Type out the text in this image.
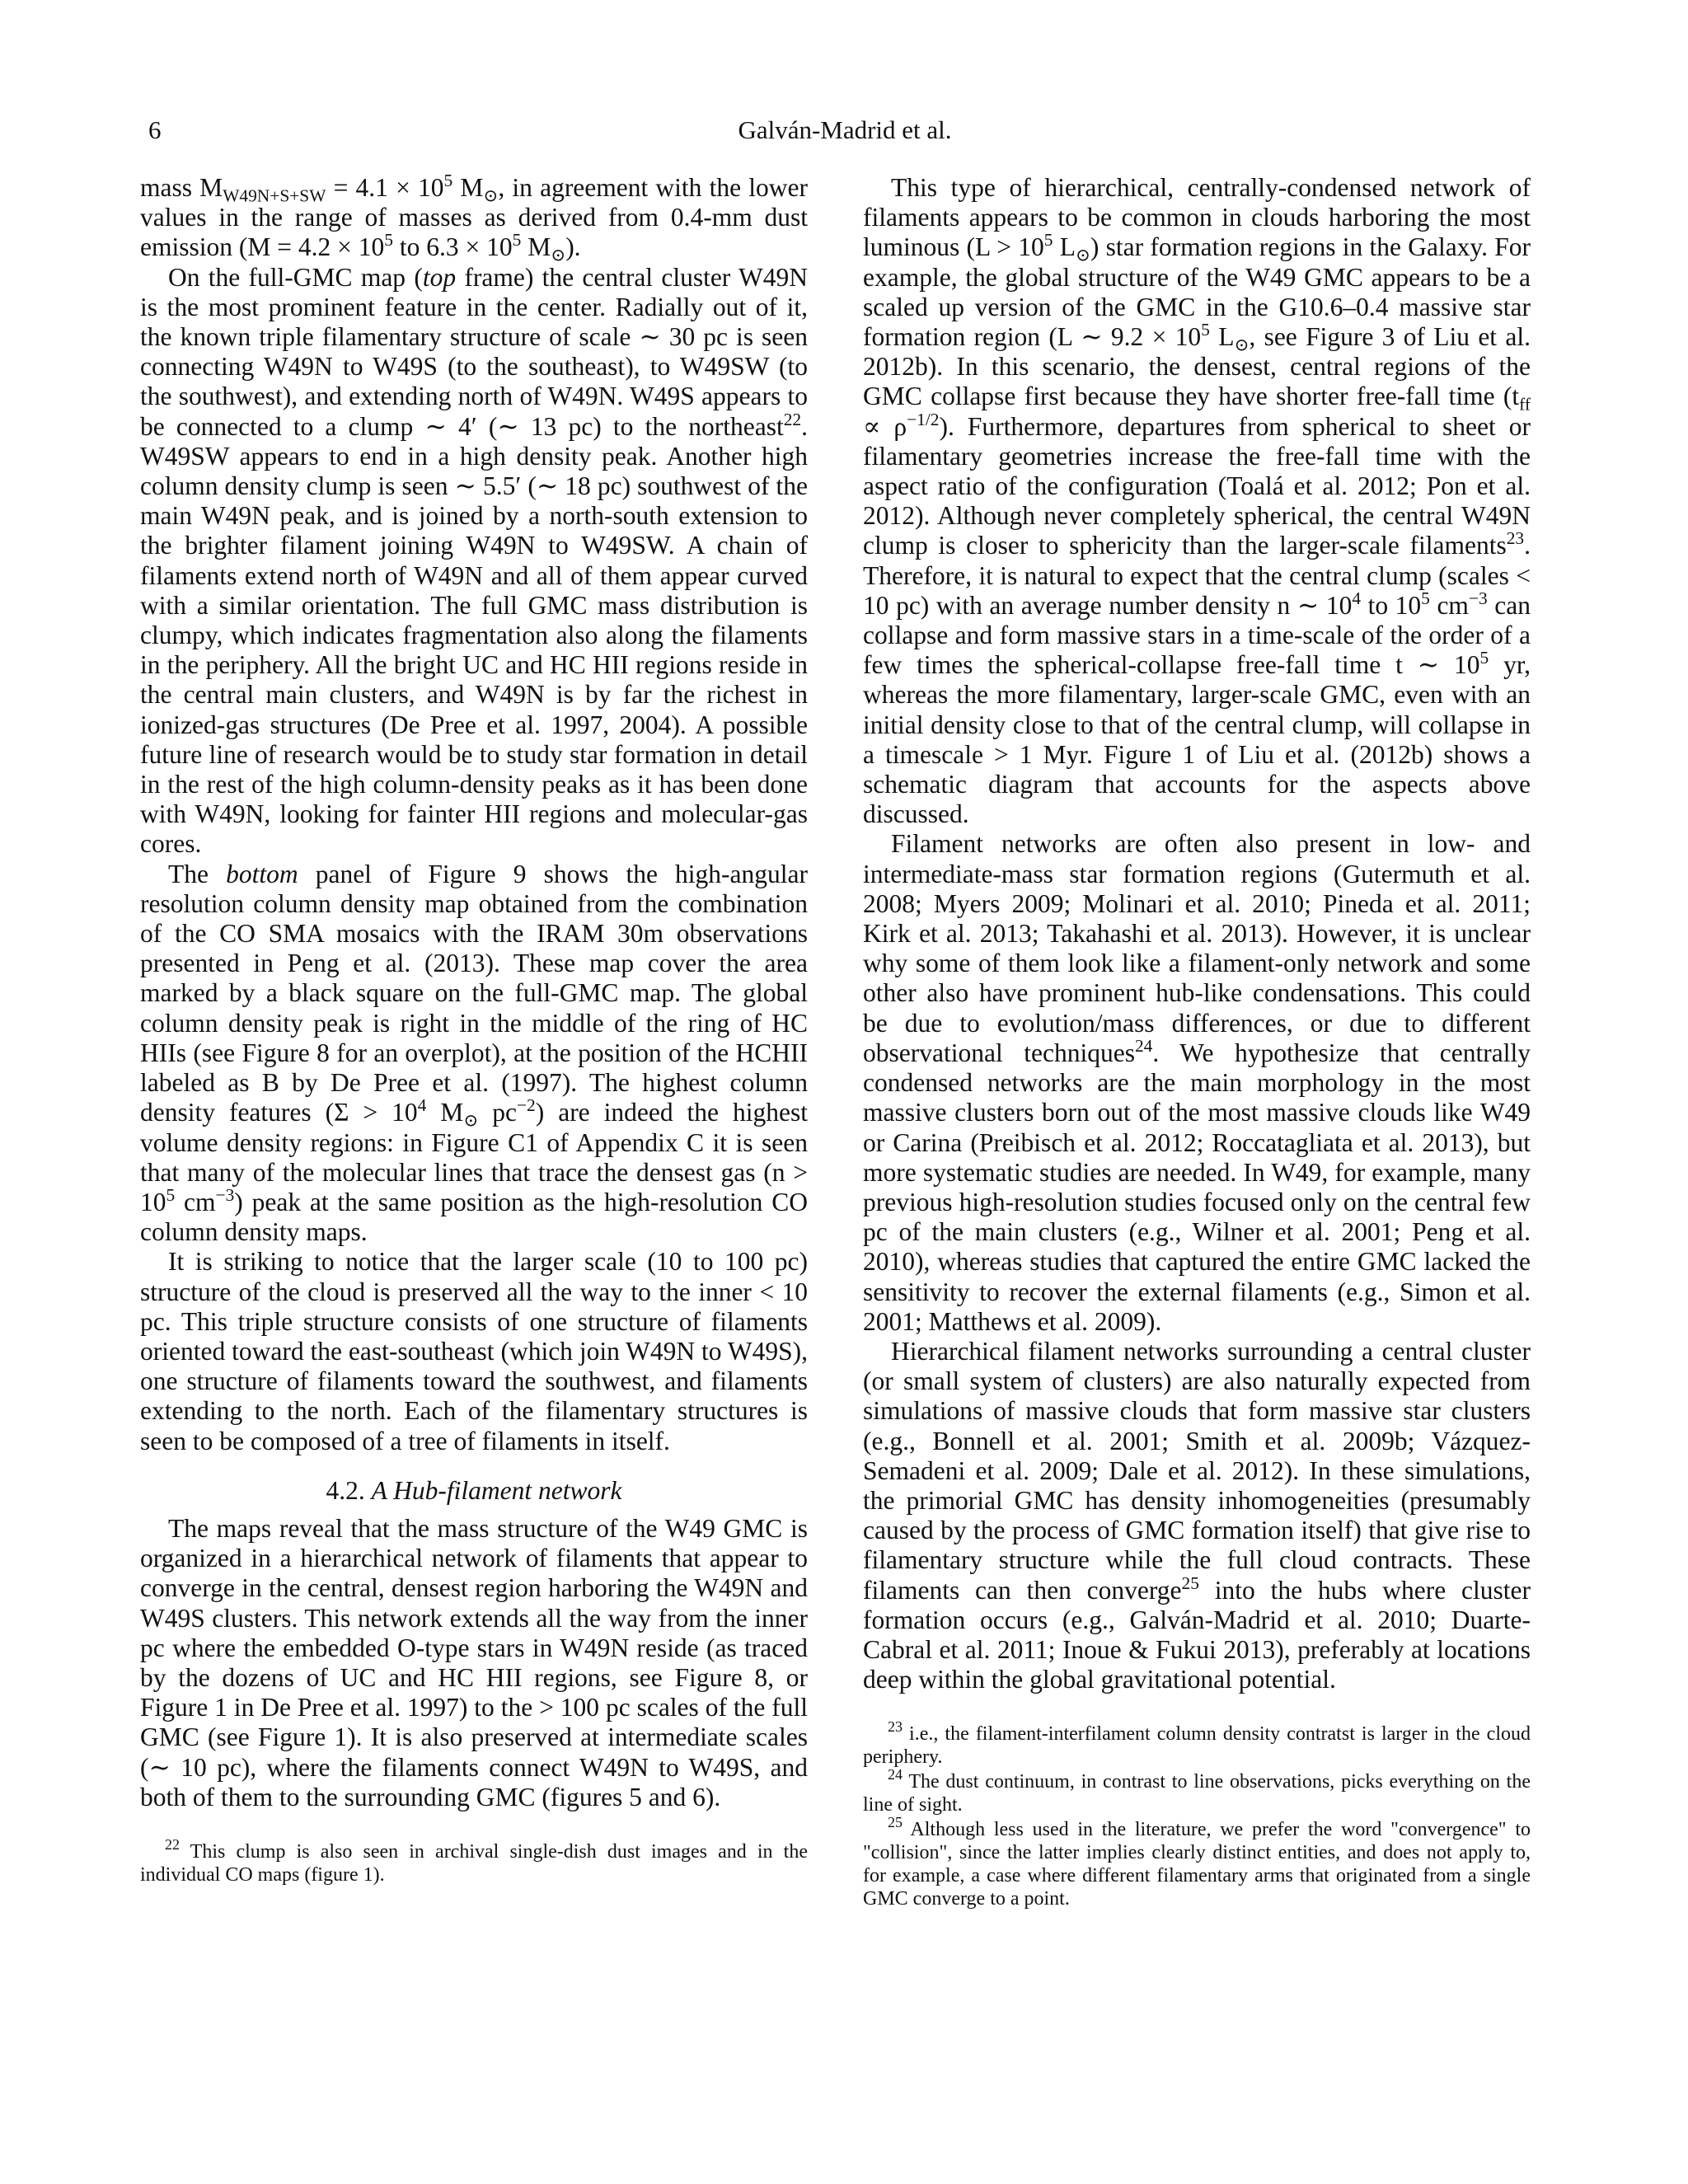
6	Galván-Madrid et al.

mass $M_{W49N+S+SW} = 4.1 \times 10^5$ $M_⊙$, in agreement with the lower values in the range of masses as derived from 0.4-mm dust emission ($M = 4.2 \times 10^5$ to $6.3 \times 10^5$ $M_⊙$).

On the full-GMC map (top frame) the central cluster W49N is the most prominent feature in the center. Radially out of it, the known triple filamentary structure of scale ∼ 30 pc is seen connecting W49N to W49S (to the southeast), to W49SW (to the southwest), and extending north of W49N. W49S appears to be connected to a clump ∼ 4′ (∼ 13 pc) to the northeast$^{22}$. W49SW appears to end in a high density peak. Another high column density clump is seen ∼ 5.5′ (∼ 18 pc) southwest of the main W49N peak, and is joined by a north-south extension to the brighter filament joining W49N to W49SW. A chain of filaments extend north of W49N and all of them appear curved with a similar orientation. The full GMC mass distribution is clumpy, which indicates fragmentation also along the filaments in the periphery. All the bright UC and HC HII regions reside in the central main clusters, and W49N is by far the richest in ionized-gas structures (De Pree et al. 1997, 2004). A possible future line of research would be to study star formation in detail in the rest of the high column-density peaks as it has been done with W49N, looking for fainter HII regions and molecular-gas cores.

The bottom panel of Figure 9 shows the high-angular resolution column density map obtained from the combination of the CO SMA mosaics with the IRAM 30m observations presented in Peng et al. (2013). These map cover the area marked by a black square on the full-GMC map. The global column density peak is right in the middle of the ring of HC HIIs (see Figure 8 for an overplot), at the position of the HCHII labeled as B by De Pree et al. (1997). The highest column density features ($\Sigma > 10^4$ $M_⊙$ $pc^{-2}$) are indeed the highest volume density regions: in Figure C1 of Appendix C it is seen that many of the molecular lines that trace the densest gas ($n > 10^5$ $cm^{-3}$) peak at the same position as the high-resolution CO column density maps.

It is striking to notice that the larger scale (10 to 100 pc) structure of the cloud is preserved all the way to the inner < 10 pc. This triple structure consists of one structure of filaments oriented toward the east-southeast (which join W49N to W49S), one structure of filaments toward the southwest, and filaments extending to the north. Each of the filamentary structures is seen to be composed of a tree of filaments in itself.

4.2. A Hub-filament network

The maps reveal that the mass structure of the W49 GMC is organized in a hierarchical network of filaments that appear to converge in the central, densest region harboring the W49N and W49S clusters. This network extends all the way from the inner pc where the embedded O-type stars in W49N reside (as traced by the dozens of UC and HC HII regions, see Figure 8, or Figure 1 in De Pree et al. 1997) to the > 100 pc scales of the full GMC (see Figure 1). It is also preserved at intermediate scales (∼ 10 pc), where the filaments connect W49N to W49S, and both of them to the surrounding GMC (figures 5 and 6).

$^{22}$ This clump is also seen in archival single-dish dust images and in the individual CO maps (figure 1).

This type of hierarchical, centrally-condensed network of filaments appears to be common in clouds harboring the most luminous ($L > 10^5$ $L_⊙$) star formation regions in the Galaxy. For example, the global structure of the W49 GMC appears to be a scaled up version of the GMC in the G10.6–0.4 massive star formation region (L ∼ $9.2 \times 10^5$ $L_⊙$, see Figure 3 of Liu et al. 2012b). In this scenario, the densest, central regions of the GMC collapse first because they have shorter free-fall time $(t_{ff} \propto \rho^{-1/2})$. Furthermore, departures from spherical to sheet or filamentary geometries increase the free-fall time with the aspect ratio of the configuration (Toalá et al. 2012; Pon et al. 2012). Although never completely spherical, the central W49N clump is closer to sphericity than the larger-scale filaments$^{23}$. Therefore, it is natural to expect that the central clump (scales < 10 pc) with an average number density n ∼ $10^4$ to $10^5$ $cm^{-3}$ can collapse and form massive stars in a time-scale of the order of a few times the spherical-collapse free-fall time t ∼ $10^5$ yr, whereas the more filamentary, larger-scale GMC, even with an initial density close to that of the central clump, will collapse in a timescale > 1 Myr. Figure 1 of Liu et al. (2012b) shows a schematic diagram that accounts for the aspects above discussed.

Filament networks are often also present in low- and intermediate-mass star formation regions (Gutermuth et al. 2008; Myers 2009; Molinari et al. 2010; Pineda et al. 2011; Kirk et al. 2013; Takahashi et al. 2013). However, it is unclear why some of them look like a filament-only network and some other also have prominent hub-like condensations. This could be due to evolution/mass differences, or due to different observational techniques$^{24}$. We hypothesize that centrally condensed networks are the main morphology in the most massive clusters born out of the most massive clouds like W49 or Carina (Preibisch et al. 2012; Roccatagliata et al. 2013), but more systematic studies are needed. In W49, for example, many previous high-resolution studies focused only on the central few pc of the main clusters (e.g., Wilner et al. 2001; Peng et al. 2010), whereas studies that captured the entire GMC lacked the sensitivity to recover the external filaments (e.g., Simon et al. 2001; Matthews et al. 2009).

Hierarchical filament networks surrounding a central cluster (or small system of clusters) are also naturally expected from simulations of massive clouds that form massive star clusters (e.g., Bonnell et al. 2001; Smith et al. 2009b; Vázquez-Semadeni et al. 2009; Dale et al. 2012). In these simulations, the primorial GMC has density inhomogeneities (presumably caused by the process of GMC formation itself) that give rise to filamentary structure while the full cloud contracts. These filaments can then converge$^{25}$ into the hubs where cluster formation occurs (e.g., Galván-Madrid et al. 2010; Duarte-Cabral et al. 2011; Inoue & Fukui 2013), preferably at locations deep within the global gravitational potential.

$^{23}$ i.e., the filament-interfilament column density contratst is larger in the cloud periphery.

$^{24}$ The dust continuum, in contrast to line observations, picks everything on the line of sight.

$^{25}$ Although less used in the literature, we prefer the word "convergence" to "collision", since the latter implies clearly distinct entities, and does not apply to, for example, a case where different filamentary arms that originated from a single GMC converge to a point.
